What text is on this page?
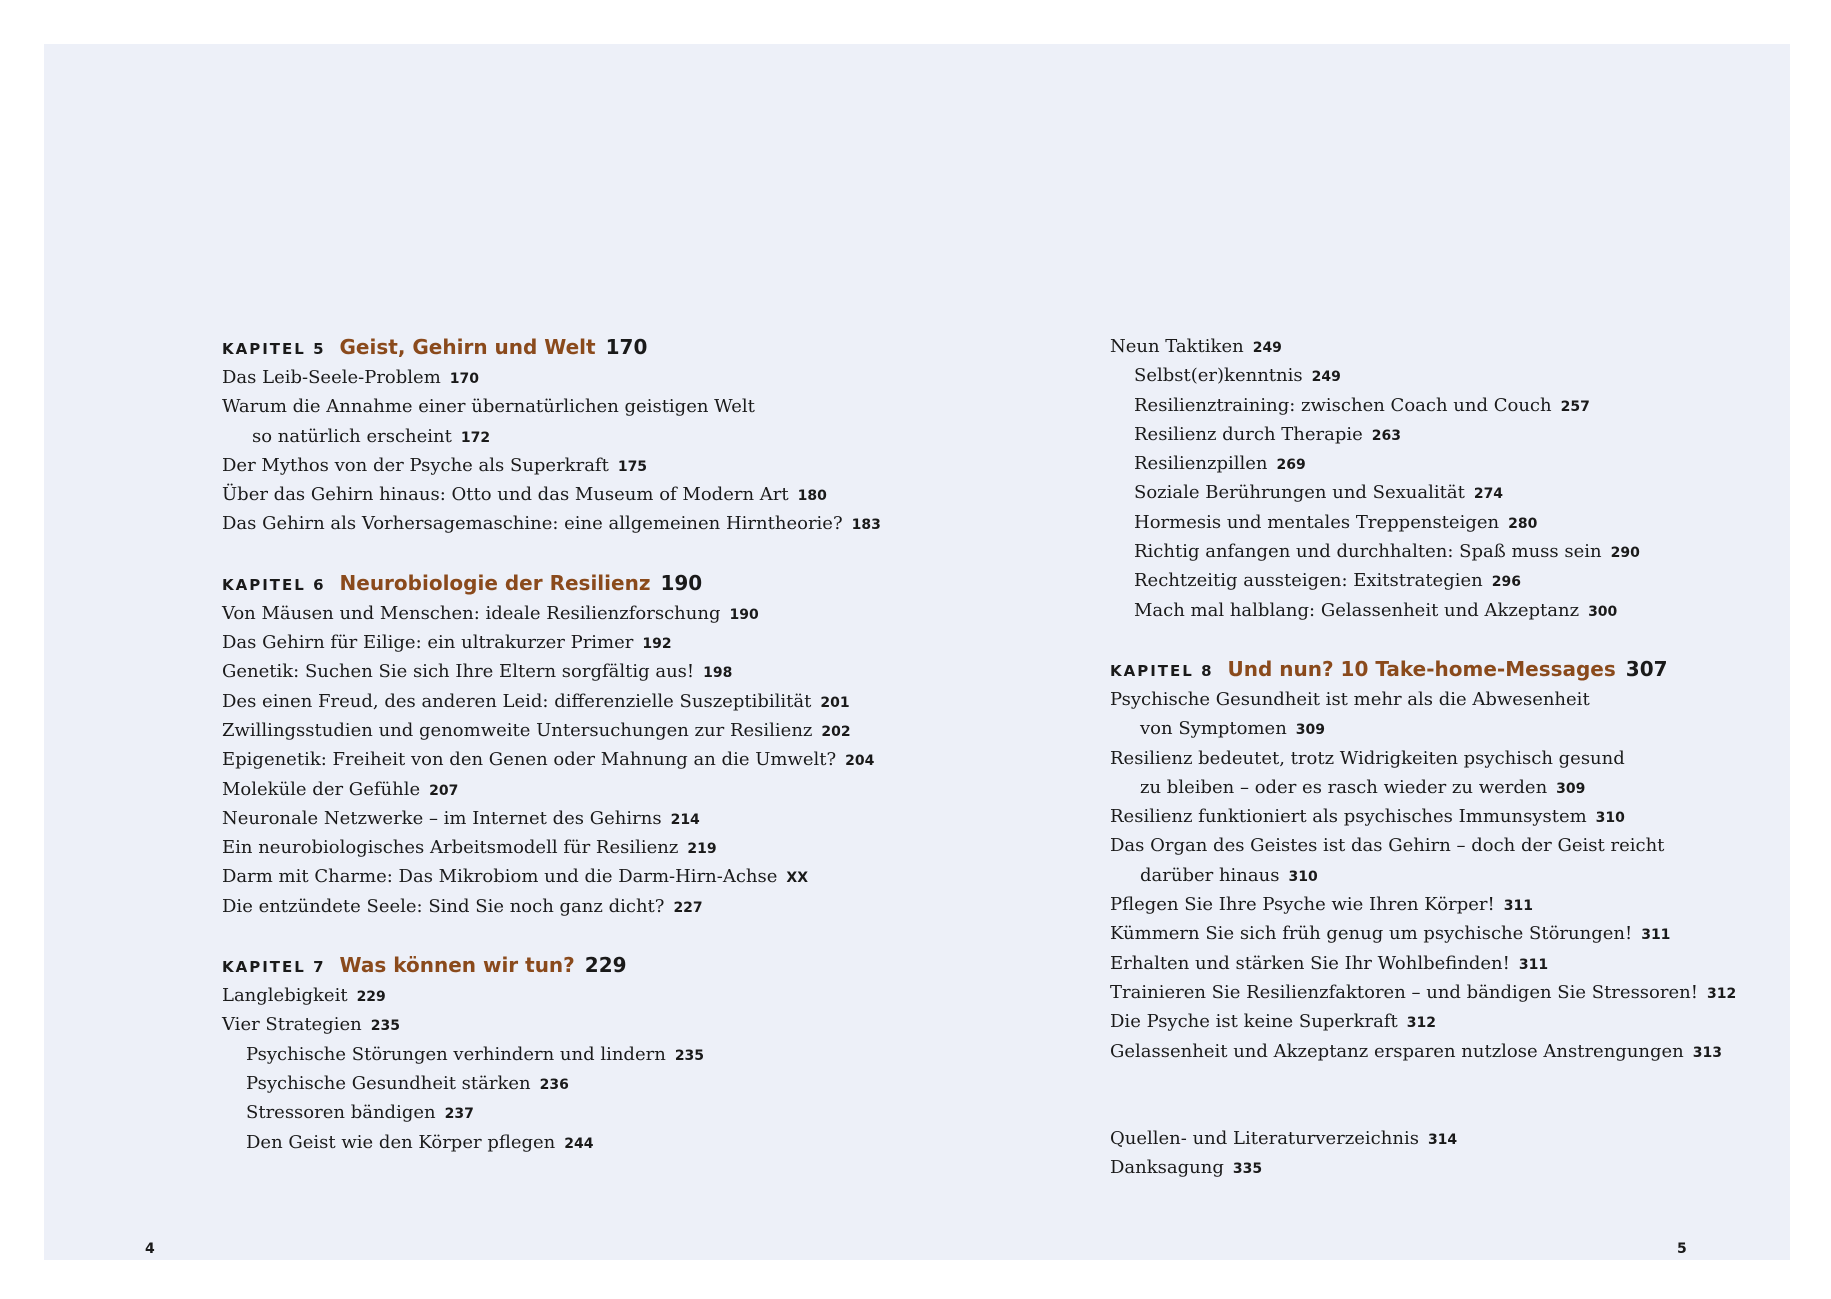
KAPITEL 5 Geist, Gehirn und Welt 170
Das Leib-Seele-Problem 170
Warum die Annahme einer übernatürlichen geistigen Welt
so natürlich erscheint 172
Der Mythos von der Psyche als Superkraft 175
Über das Gehirn hinaus: Otto und das Museum of Modern Art 180
Das Gehirn als Vorhersagemaschine: eine allgemeinen Hirntheorie? 183
KAPITEL 6 Neurobiologie der Resilienz 190
Von Mäusen und Menschen: ideale Resilienzforschung 190
Das Gehirn für Eilige: ein ultrakurzer Primer 192
Genetik: Suchen Sie sich Ihre Eltern sorgfältig aus! 198
Des einen Freud, des anderen Leid: differenzielle Suszeptibilität 201
Zwillingsstudien und genomweite Untersuchungen zur Resilienz 202
Epigenetik: Freiheit von den Genen oder Mahnung an die Umwelt? 204
Moleküle der Gefühle 207
Neuronale Netzwerke – im Internet des Gehirns 214
Ein neurobiologisches Arbeitsmodell für Resilienz 219
Darm mit Charme: Das Mikrobiom und die Darm-Hirn-Achse XX
Die entzündete Seele: Sind Sie noch ganz dicht? 227
KAPITEL 7 Was können wir tun? 229
Langlebigkeit 229
Vier Strategien 235
Psychische Störungen verhindern und lindern 235
Psychische Gesundheit stärken 236
Stressoren bändigen 237
Den Geist wie den Körper pflegen 244
Neun Taktiken 249
Selbst(er)kenntnis 249
Resilienztraining: zwischen Coach und Couch 257
Resilienz durch Therapie 263
Resilienzpillen 269
Soziale Berührungen und Sexualität 274
Hormesis und mentales Treppensteigen 280
Richtig anfangen und durchhalten: Spaß muss sein 290
Rechtzeitig aussteigen: Exitstrategien 296
Mach mal halblang: Gelassenheit und Akzeptanz 300
KAPITEL 8 Und nun? 10 Take-home-Messages 307
Psychische Gesundheit ist mehr als die Abwesenheit
von Symptomen 309
Resilienz bedeutet, trotz Widrigkeiten psychisch gesund
zu bleiben – oder es rasch wieder zu werden 309
Resilienz funktioniert als psychisches Immunsystem 310
Das Organ des Geistes ist das Gehirn – doch der Geist reicht
darüber hinaus 310
Pflegen Sie Ihre Psyche wie Ihren Körper! 311
Kümmern Sie sich früh genug um psychische Störungen! 311
Erhalten und stärken Sie Ihr Wohlbefinden! 311
Trainieren Sie Resilienzfaktoren – und bändigen Sie Stressoren! 312
Die Psyche ist keine Superkraft 312
Gelassenheit und Akzeptanz ersparen nutzlose Anstrengungen 313
Quellen- und Literaturverzeichnis 314
Danksagung 335
4	5
